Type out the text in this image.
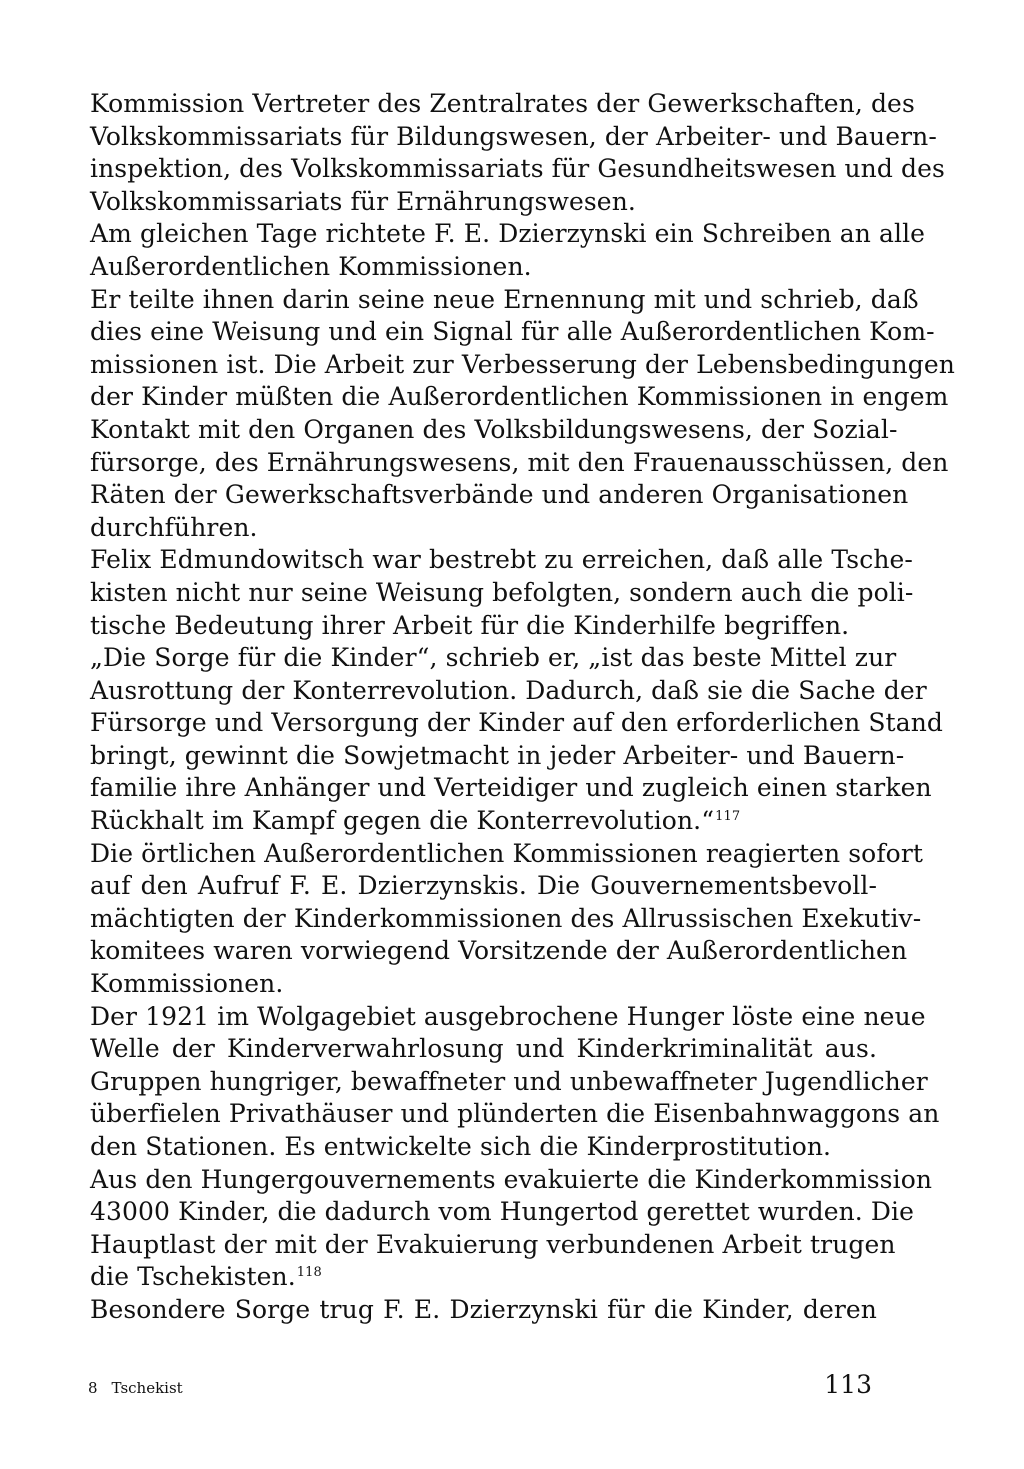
Kommission Vertreter des Zentralrates der Gewerkschaften, des
Volkskommissariats für Bildungswesen, der Arbeiter- und Bauern-
inspektion, des Volkskommissariats für Gesundheitswesen und des
Volkskommissariats für Ernährungswesen.
Am gleichen Tage richtete F. E. Dzierzynski ein Schreiben an alle
Außerordentlichen Kommissionen.
Er teilte ihnen darin seine neue Ernennung mit und schrieb, daß
dies eine Weisung und ein Signal für alle Außerordentlichen Kom-
missionen ist. Die Arbeit zur Verbesserung der Lebensbedingungen
der Kinder müßten die Außerordentlichen Kommissionen in engem
Kontakt mit den Organen des Volksbildungswesens, der Sozial-
fürsorge, des Ernährungswesens, mit den Frauenausschüssen, den
Räten der Gewerkschaftsverbände und anderen Organisationen
durchführen.
Felix Edmundowitsch war bestrebt zu erreichen, daß alle Tsche-
kisten nicht nur seine Weisung befolgten, sondern auch die poli-
tische Bedeutung ihrer Arbeit für die Kinderhilfe begriffen.
„Die Sorge für die Kinder“, schrieb er, „ist das beste Mittel zur
Ausrottung der Konterrevolution. Dadurch, daß sie die Sache der
Fürsorge und Versorgung der Kinder auf den erforderlichen Stand
bringt, gewinnt die Sowjetmacht in jeder Arbeiter- und Bauern-
familie ihre Anhänger und Verteidiger und zugleich einen starken
Rückhalt im Kampf gegen die Konterrevolution.“$^{117}$
Die örtlichen Außerordentlichen Kommissionen reagierten sofort
auf den Aufruf F. E. Dzierzynskis. Die Gouvernementsbevoll-
mächtigten der Kinderkommissionen des Allrussischen Exekutiv-
komitees waren vorwiegend Vorsitzende der Außerordentlichen
Kommissionen.
Der 1921 im Wolgagebiet ausgebrochene Hunger löste eine neue
Welle der Kinderverwahrlosung und Kinderkriminalität aus.
Gruppen hungriger, bewaffneter und unbewaffneter Jugendlicher
überfielen Privathäuser und plünderten die Eisenbahnwaggons an
den Stationen. Es entwickelte sich die Kinderprostitution.
Aus den Hungergouvernements evakuierte die Kinderkommission
43000 Kinder, die dadurch vom Hungertod gerettet wurden. Die
Hauptlast der mit der Evakuierung verbundenen Arbeit trugen
die Tschekisten.$^{118}$
Besondere Sorge trug F. E. Dzierzynski für die Kinder, deren
8 Tschekist	113
